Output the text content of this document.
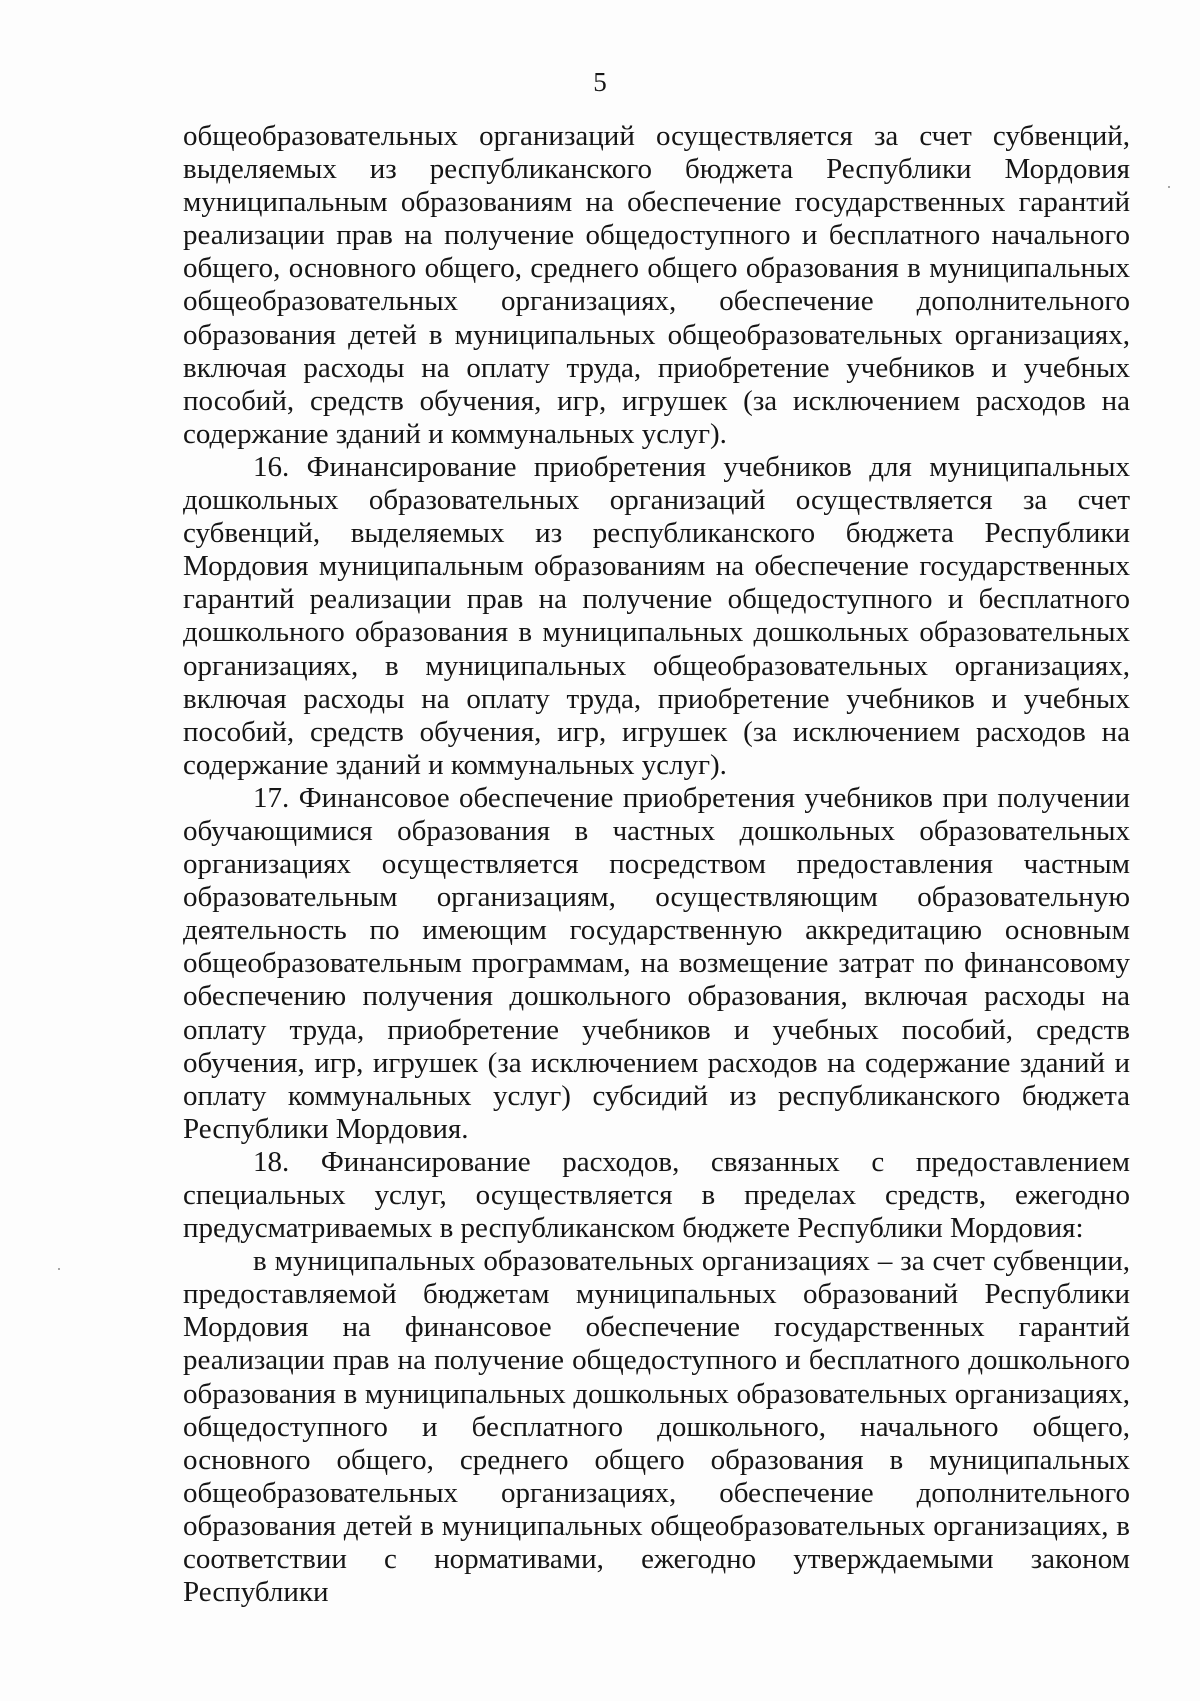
5

общеобразовательных организаций осуществляется за счет субвенций, выделяемых из республиканского бюджета Республики Мордовия муниципальным образованиям на обеспечение государственных гарантий реализации прав на получение общедоступного и бесплатного начального общего, основного общего, среднего общего образования в муниципальных общеобразовательных организациях, обеспечение дополнительного образования детей в муниципальных общеобразовательных организациях, включая расходы на оплату труда, приобретение учебников и учебных пособий, средств обучения, игр, игрушек (за исключением расходов на содержание зданий и коммунальных услуг).

16. Финансирование приобретения учебников для муниципальных дошкольных образовательных организаций осуществляется за счет субвенций, выделяемых из республиканского бюджета Республики Мордовия муниципальным образованиям на обеспечение государственных гарантий реализации прав на получение общедоступного и бесплатного дошкольного образования в муниципальных дошкольных образовательных организациях, в муниципальных общеобразовательных организациях, включая расходы на оплату труда, приобретение учебников и учебных пособий, средств обучения, игр, игрушек (за исключением расходов на содержание зданий и коммунальных услуг).

17. Финансовое обеспечение приобретения учебников при получении обучающимися образования в частных дошкольных образовательных организациях осуществляется посредством предоставления частным образовательным организациям, осуществляющим образовательную деятельность по имеющим государственную аккредитацию основным общеобразовательным программам, на возмещение затрат по финансовому обеспечению получения дошкольного образования, включая расходы на оплату труда, приобретение учебников и учебных пособий, средств обучения, игр, игрушек (за исключением расходов на содержание зданий и оплату коммунальных услуг) субсидий из республиканского бюджета Республики Мордовия.

18. Финансирование расходов, связанных с предоставлением специальных услуг, осуществляется в пределах средств, ежегодно предусматриваемых в республиканском бюджете Республики Мордовия:

в муниципальных образовательных организациях – за счет субвенции, предоставляемой бюджетам муниципальных образований Республики Мордовия на финансовое обеспечение государственных гарантий реализации прав на получение общедоступного и бесплатного дошкольного образования в муниципальных дошкольных образовательных организациях, общедоступного и бесплатного дошкольного, начального общего, основного общего, среднего общего образования в муниципальных общеобразовательных организациях, обеспечение дополнительного образования детей в муниципальных общеобразовательных организациях, в соответствии с нормативами, ежегодно утверждаемыми законом Республики
